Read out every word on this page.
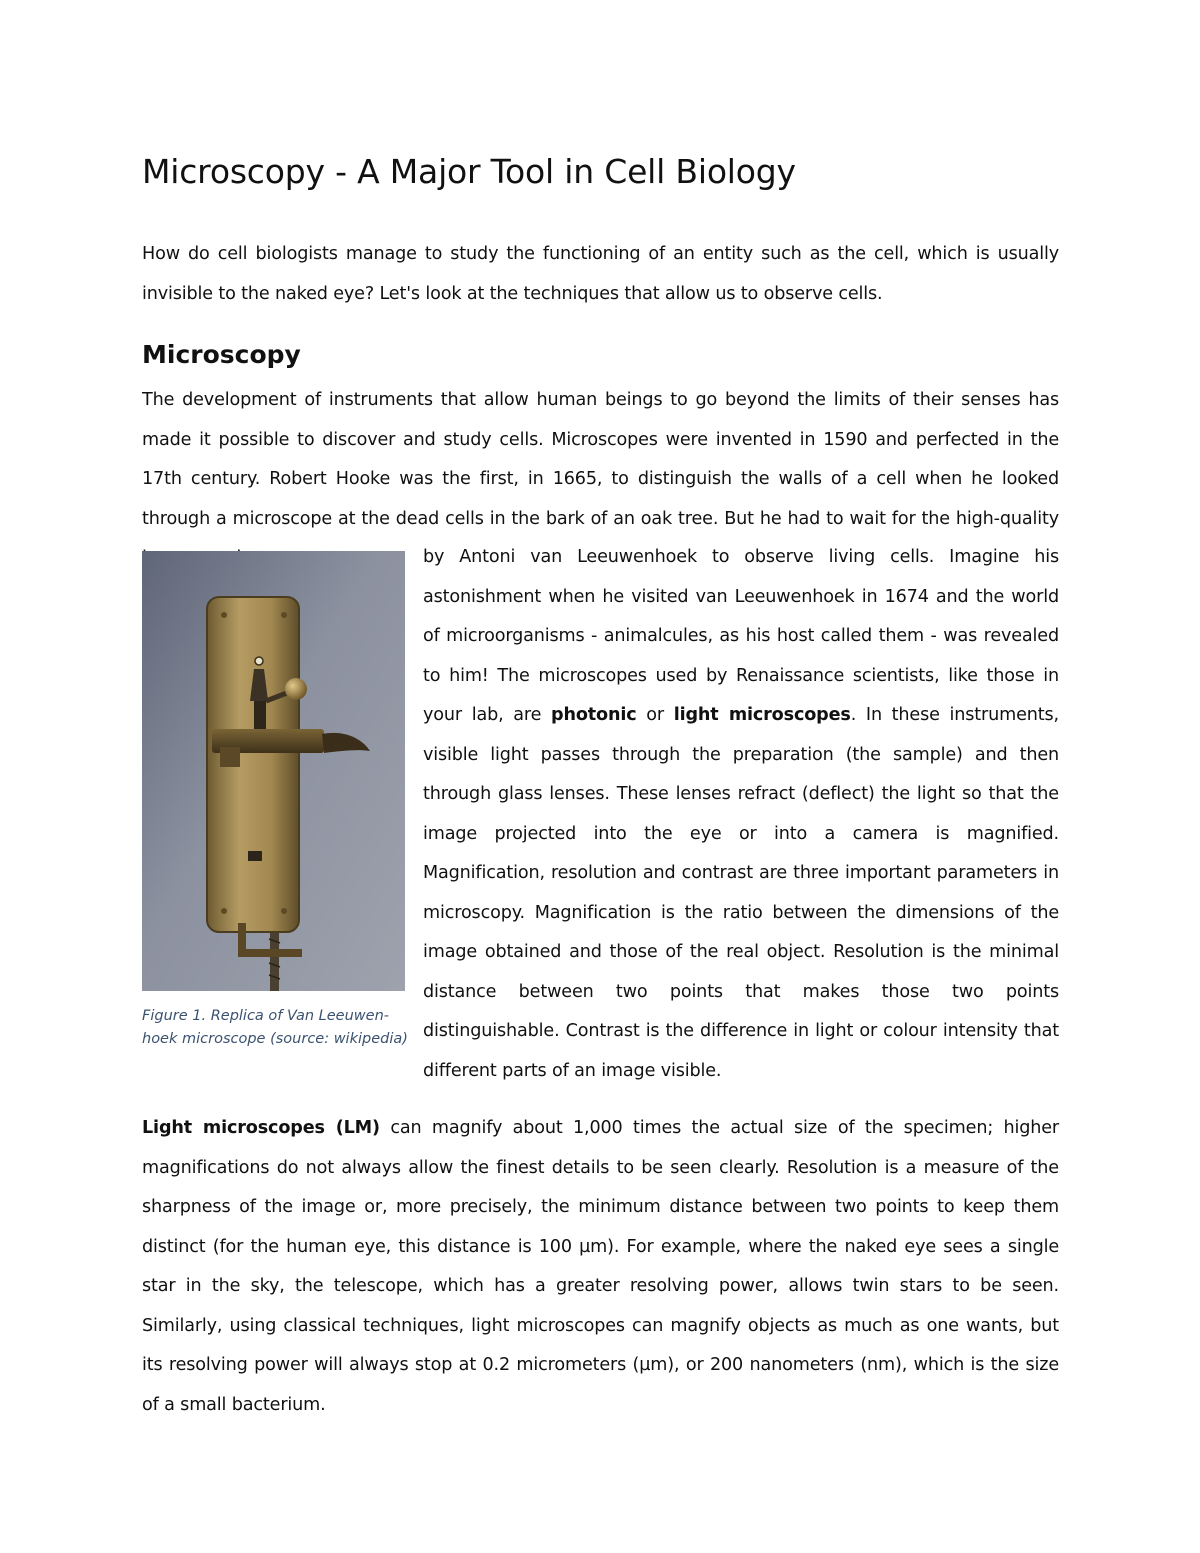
Microscopy - A Major Tool in Cell Biology

How do cell biologists manage to study the functioning of an entity such as the cell, which is usually invisible to the naked eye? Let's look at the techniques that allow us to observe cells.

Microscopy

The development of instruments that allow human beings to go beyond the limits of their senses has made it possible to discover and study cells. Microscopes were invented in 1590 and perfected in the 17th century. Robert Hooke was the first, in 1665, to distinguish the walls of a cell when he looked through a microscope at the dead cells in the bark of an oak tree. But he had to wait for the high-quality

Figure 1. Replica of Van Leeuwen-hoek microscope (source: wikipedia)

by Antoni van Leeuwenhoek to observe living cells. Imagine his astonishment when he visited van Leeuwenhoek in 1674 and the world of microorganisms - animalcules, as his host called them - was revealed to him! The microscopes used by Renaissance scientists, like those in your lab, are photonic or light microscopes. In these instruments, visible light passes through the preparation (the sample) and then through glass lenses. These lenses refract (deflect) the light so that the image projected into the eye or into a camera is magnified. Magnification, resolution and contrast are three important parameters in microscopy. Magnification is the ratio between the dimensions of the image obtained and those of the real object. Resolution is the minimal distance between two points that makes those two points distinguishable. Contrast is the difference in light or colour intensity that different parts of an image visible.

Light microscopes (LM) can magnify about 1,000 times the actual size of the specimen; higher magnifications do not always allow the finest details to be seen clearly. Resolution is a measure of the sharpness of the image or, more precisely, the minimum distance between two points to keep them distinct (for the human eye, this distance is 100 µm). For example, where the naked eye sees a single star in the sky, the telescope, which has a greater resolving power, allows twin stars to be seen. Similarly, using classical techniques, light microscopes can magnify objects as much as one wants, but its resolving power will always stop at 0.2 micrometers (µm), or 200 nanometers (nm), which is the size of a small bacterium.
